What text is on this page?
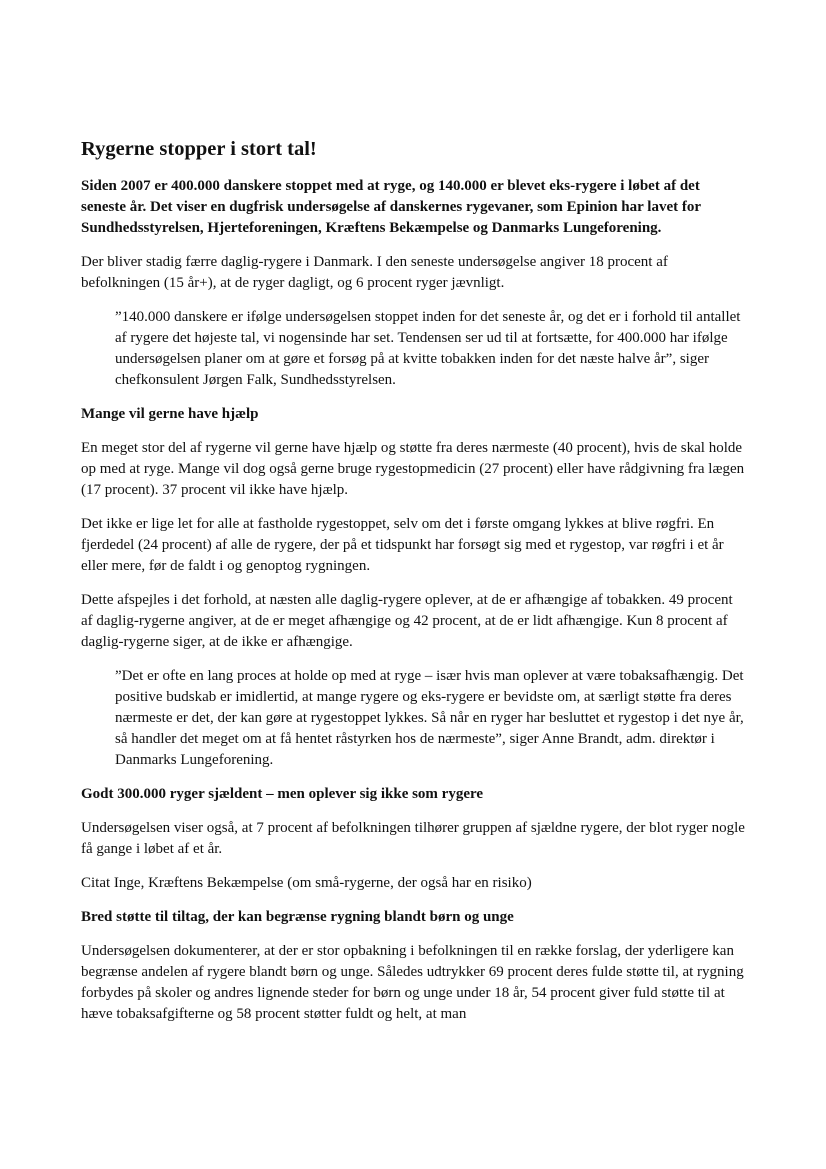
Rygerne stopper i stort tal!

Siden 2007 er 400.000 danskere stoppet med at ryge, og 140.000 er blevet eks-rygere i løbet af det seneste år. Det viser en dugfrisk undersøgelse af danskernes rygevaner, som Epinion har lavet for Sundhedsstyrelsen, Hjerteforeningen, Kræftens Bekæmpelse og Danmarks Lungeforening.

Der bliver stadig færre daglig-rygere i Danmark. I den seneste undersøgelse angiver 18 procent af befolkningen (15 år+), at de ryger dagligt, og 6 procent ryger jævnligt.

”140.000 danskere er ifølge undersøgelsen stoppet inden for det seneste år, og det er i forhold til antallet af rygere det højeste tal, vi nogensinde har set. Tendensen ser ud til at fortsætte, for 400.000 har ifølge undersøgelsen planer om at gøre et forsøg på at kvitte tobakken inden for det næste halve år”, siger chefkonsulent Jørgen Falk, Sundhedsstyrelsen.
Mange vil gerne have hjælp

En meget stor del af rygerne vil gerne have hjælp og støtte fra deres nærmeste (40 procent), hvis de skal holde op med at ryge. Mange vil dog også gerne bruge rygestopmedicin (27 procent) eller have rådgivning fra lægen (17 procent). 37 procent vil ikke have hjælp.

Det ikke er lige let for alle at fastholde rygestoppet, selv om det i første omgang lykkes at blive røgfri. En fjerdedel (24 procent) af alle de rygere, der på et tidspunkt har forsøgt sig med et rygestop, var røgfri i et år eller mere, før de faldt i og genoptog rygningen.

Dette afspejles i det forhold, at næsten alle daglig-rygere oplever, at de er afhængige af tobakken. 49 procent af daglig-rygerne angiver, at de er meget afhængige og 42 procent, at de er lidt afhængige. Kun 8 procent af daglig-rygerne siger, at de ikke er afhængige.

”Det er ofte en lang proces at holde op med at ryge – især hvis man oplever at være tobaksafhængig. Det positive budskab er imidlertid, at mange rygere og eks-rygere er bevidste om, at særligt støtte fra deres nærmeste er det, der kan gøre at rygestoppet lykkes. Så når en ryger har besluttet et rygestop i det nye år, så handler det meget om at få hentet råstyrken hos de nærmeste”, siger Anne Brandt, adm. direktør i Danmarks Lungeforening.
Godt 300.000 ryger sjældent – men oplever sig ikke som rygere

Undersøgelsen viser også, at 7 procent af befolkningen tilhører gruppen af sjældne rygere, der blot ryger nogle få gange i løbet af et år.

Citat Inge, Kræftens Bekæmpelse (om små-rygerne, der også har en risiko)

Bred støtte til tiltag, der kan begrænse rygning blandt børn og unge

Undersøgelsen dokumenterer, at der er stor opbakning i befolkningen til en række forslag, der yderligere kan begrænse andelen af rygere blandt børn og unge. Således udtrykker 69 procent deres fulde støtte til, at rygning forbydes på skoler og andres lignende steder for børn og unge under 18 år, 54 procent giver fuld støtte til at hæve tobaksafgifterne og 58 procent støtter fuldt og helt, at man
